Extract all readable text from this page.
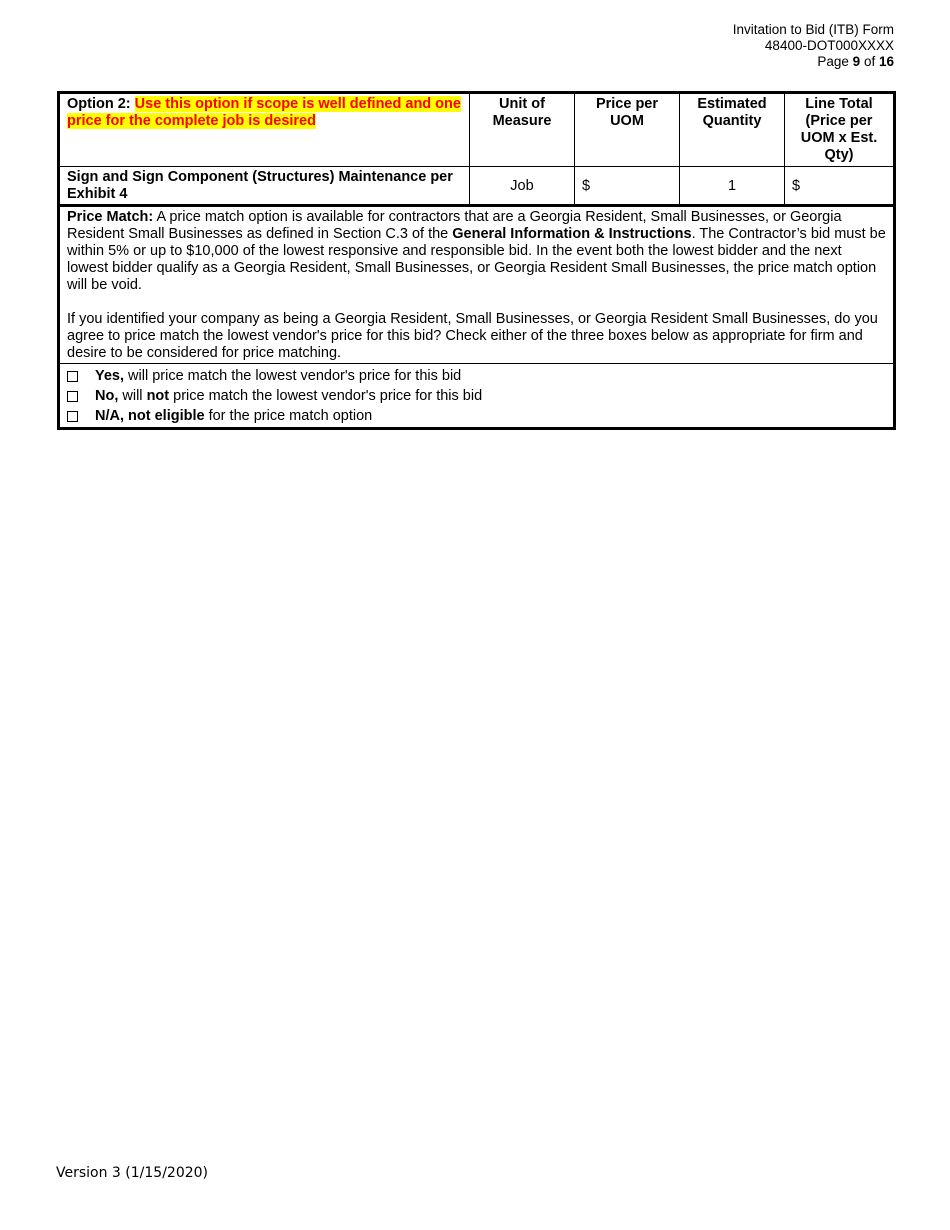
Invitation to Bid (ITB) Form
48400-DOT000XXXX
Page 9 of 16
Option 2: Use this option if scope is well defined and one price for the complete job is desired	Unit of Measure	Price per UOM	Estimated Quantity	Line Total (Price per UOM x Est. Qty)
Sign and Sign Component (Structures) Maintenance per Exhibit 4	Job	$	1	$

Price Match: A price match option is available for contractors that are a Georgia Resident, Small Businesses, or Georgia Resident Small Businesses as defined in Section C.3 of the General Information & Instructions. The Contractor’s bid must be within 5% or up to $10,000 of the lowest responsive and responsible bid. In the event both the lowest bidder and the next lowest bidder qualify as a Georgia Resident, Small Businesses, or Georgia Resident Small Businesses, the price match option will be void.

If you identified your company as being a Georgia Resident, Small Businesses, or Georgia Resident Small Businesses, do you agree to price match the lowest vendor's price for this bid? Check either of the three boxes below as appropriate for firm and desire to be considered for price matching.				

Yes, will price match the lowest vendor's price for this bid
No, will not price match the lowest vendor's price for this bid
N/A, not eligible for the price match option				
Version 3 (1/15/2020)
